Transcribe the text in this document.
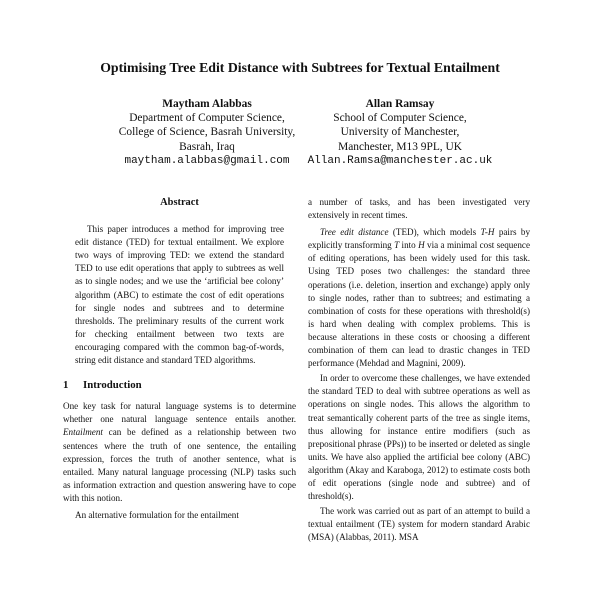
Optimising Tree Edit Distance with Subtrees for Textual Entailment
Maytham Alabbas
Department of Computer Science,
College of Science, Basrah University,
Basrah, Iraq
maytham.alabbas@gmail.com
Allan Ramsay
School of Computer Science,
University of Manchester,
Manchester, M13 9PL, UK
Allan.Ramsa@manchester.ac.uk
Abstract

This paper introduces a method for improving tree edit distance (TED) for textual entailment. We explore two ways of improving TED: we extend the standard TED to use edit operations that apply to subtrees as well as to single nodes; and we use the ‘artificial bee colony’ algorithm (ABC) to estimate the cost of edit operations for single nodes and subtrees and to determine thresholds. The preliminary results of the current work for checking entailment between two texts are encouraging compared with the common bag-of-words, string edit distance and standard TED algorithms.

1 Introduction

One key task for natural language systems is to determine whether one natural language sentence entails another. Entailment can be defined as a relationship between two sentences where the truth of one sentence, the entailing expression, forces the truth of another sentence, what is entailed. Many natural language processing (NLP) tasks such as information extraction and question answering have to cope with this notion.

An alternative formulation for the entailment

a number of tasks, and has been investigated very extensively in recent times.

Tree edit distance (TED), which models T-H pairs by explicitly transforming T into H via a minimal cost sequence of editing operations, has been widely used for this task. Using TED poses two challenges: the standard three operations (i.e. deletion, insertion and exchange) apply only to single nodes, rather than to subtrees; and estimating a combination of costs for these operations with threshold(s) is hard when dealing with complex problems. This is because alterations in these costs or choosing a different combination of them can lead to drastic changes in TED performance (Mehdad and Magnini, 2009).

In order to overcome these challenges, we have extended the standard TED to deal with subtree operations as well as operations on single nodes. This allows the algorithm to treat semantically coherent parts of the tree as single items, thus allowing for instance entire modifiers (such as prepositional phrase (PPs)) to be inserted or deleted as single units. We have also applied the artificial bee colony (ABC) algorithm (Akay and Karaboga, 2012) to estimate costs both of edit operations (single node and subtree) and of threshold(s).

The work was carried out as part of an attempt to build a textual entailment (TE) system for modern standard Arabic (MSA) (Alabbas, 2011). MSA
